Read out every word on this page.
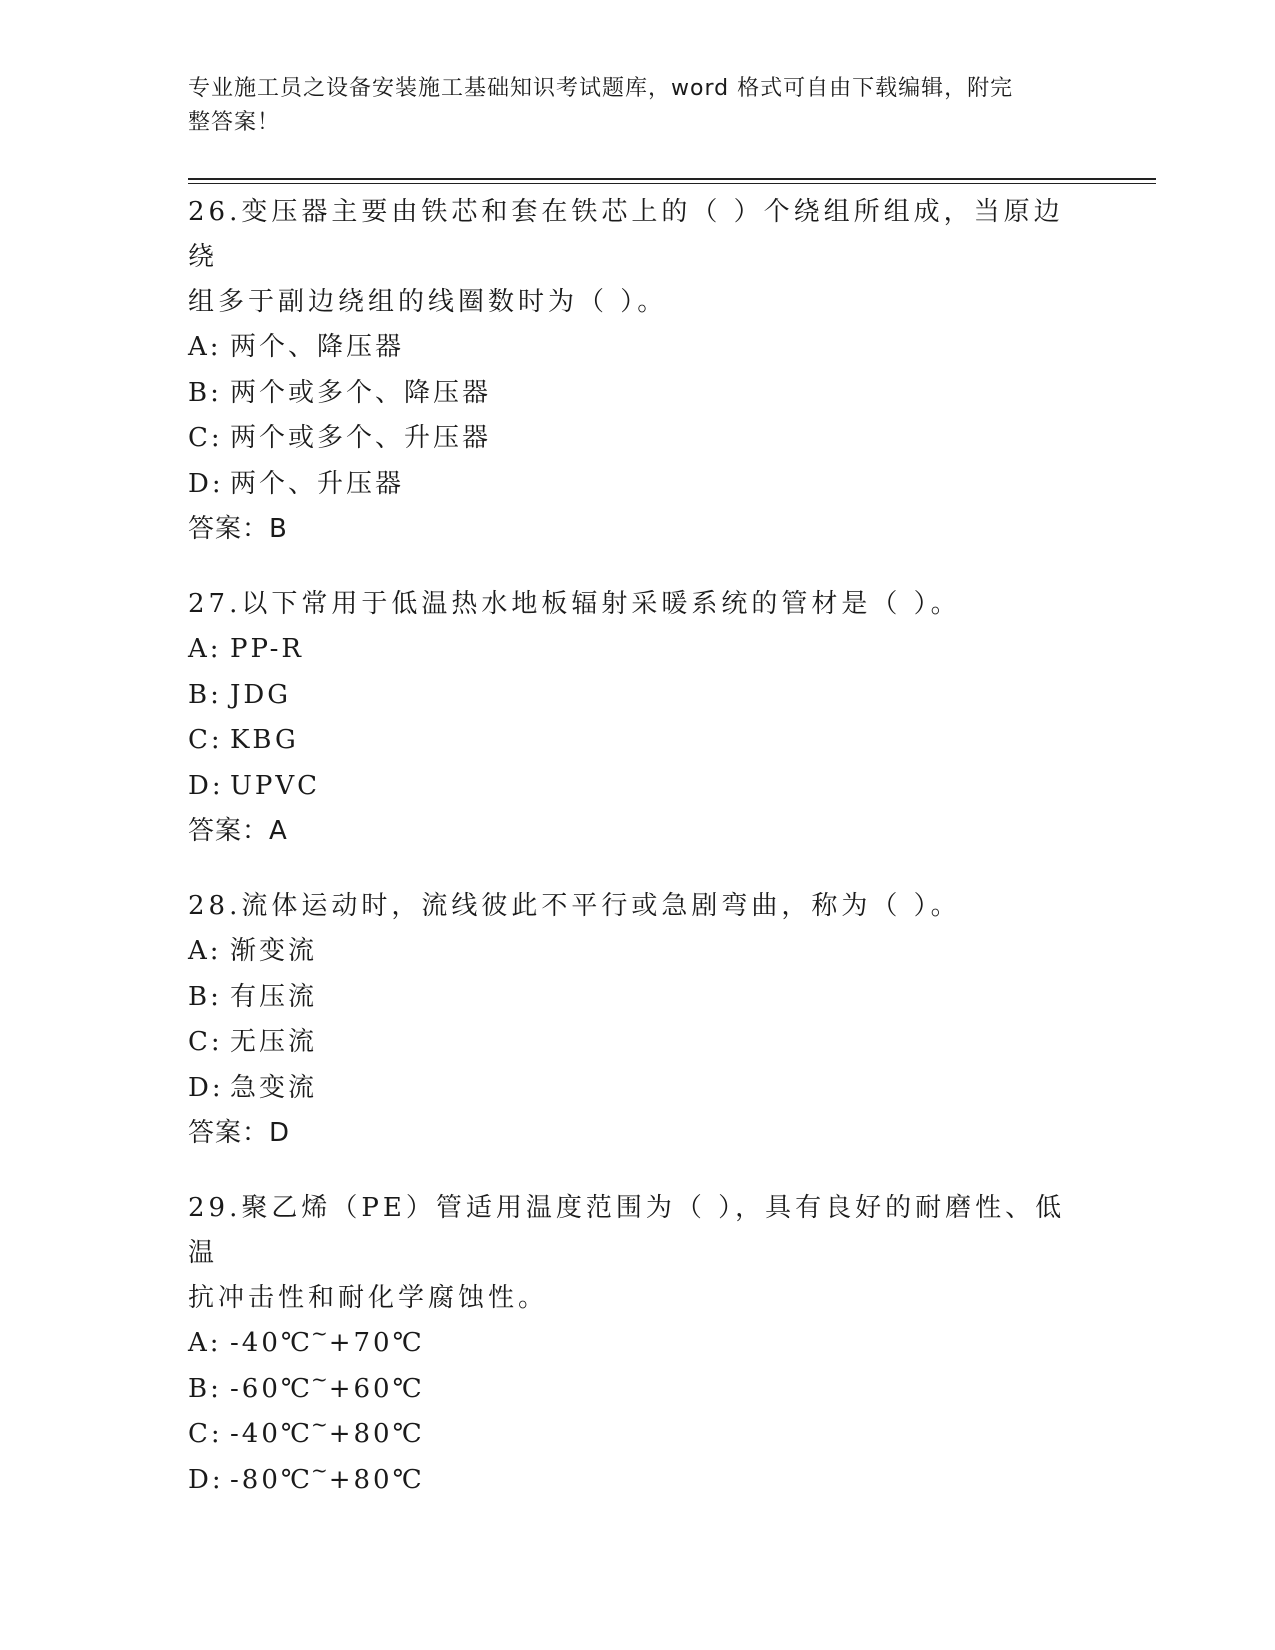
专业施工员之设备安装施工基础知识考试题库，word 格式可自由下载编辑，附完
整答案！

26.变压器主要由铁芯和套在铁芯上的（ ）个绕组所组成，当原边绕

组多于副边绕组的线圈数时为（ ）。

A: 两个、降压器

B: 两个或多个、降压器

C: 两个或多个、升压器

D: 两个、升压器

答案：B

27.以下常用于低温热水地板辐射采暖系统的管材是（ ）。

A: PP-R

B: JDG

C: KBG

D: UPVC

答案：A

28.流体运动时，流线彼此不平行或急剧弯曲，称为（ ）。

A: 渐变流

B: 有压流

C: 无压流

D: 急变流

答案：D

29.聚乙烯（PE）管适用温度范围为（ ），具有良好的耐磨性、低温

抗冲击性和耐化学腐蚀性。

A: -40℃
~
+70℃

B: -60℃
~
+60℃

C: -40℃
~
+80℃

D: -80℃
~
+80℃
